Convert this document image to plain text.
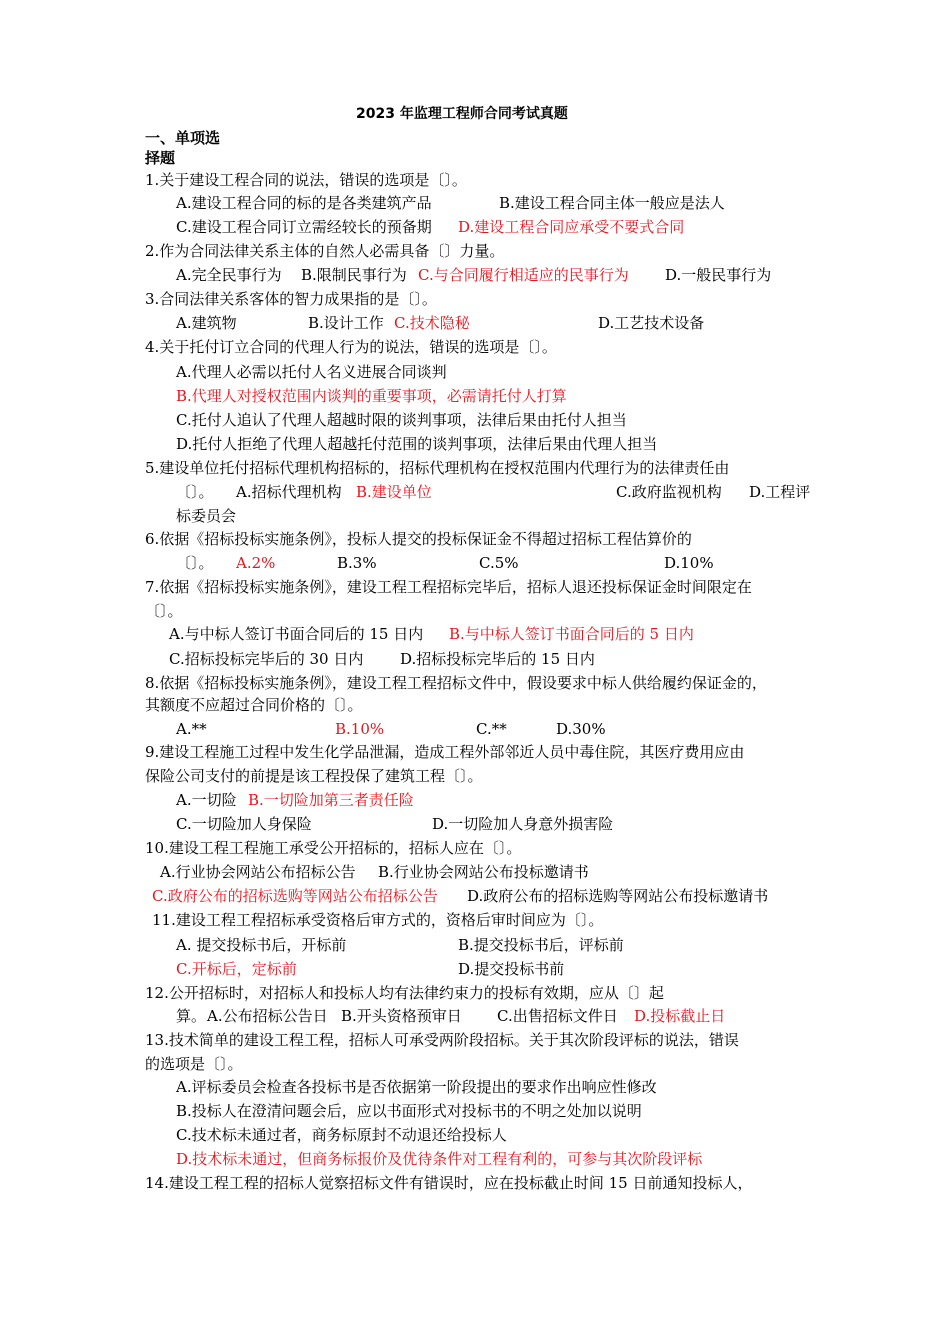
2023 年监理工程师合同考试真题
一、单项选
择题
1.关于建设工程合同的说法，错误的选项是〔〕。
A.建设工程合同的标的是各类建筑产品	B.建设工程合同主体一般应是法人
C.建设工程合同订立需经较长的预备期 D.建设工程合同应承受不要式合同
2.作为合同法律关系主体的自然人必需具备〔〕力量。
A.完全民事行为 B.限制民事行为 C.与合同履行相适应的民事行为 D.一般民事行为
3.合同法律关系客体的智力成果指的是〔〕。
A.建筑物	B.设计工作 C.技术隐秘	D.工艺技术设备
4.关于托付订立合同的代理人行为的说法，错误的选项是〔〕。
A.代理人必需以托付人名义进展合同谈判
B.代理人对授权范围内谈判的重要事项，必需请托付人打算
C.托付人追认了代理人超越时限的谈判事项，法律后果由托付人担当
D.托付人拒绝了代理人超越托付范围的谈判事项，法律后果由代理人担当
5.建设单位托付招标代理机构招标的，招标代理机构在授权范围内代理行为的法律责任由
〔〕。 A.招标代理机构 B.建设单位	C.政府监视机构 D.工程评
标委员会
6.依据《招标投标实施条例》，投标人提交的投标保证金不得超过招标工程估算价的
〔〕。 A.2%	B.3%	C.5%	D.10%
7.依据《招标投标实施条例》，建设工程工程招标完毕后，招标人退还投标保证金时间限定在
〔〕。
A.与中标人签订书面合同后的 15 日内 B.与中标人签订书面合同后的 5 日内
C.招标投标完毕后的 30 日内 D.招标投标完毕后的 15 日内
8.依据《招标投标实施条例》，建设工程工程招标文件中，假设要求中标人供给履约保证金的，
其额度不应超过合同价格的〔〕。
A.**	B.10%	C.**	D.30%
9.建设工程施工过程中发生化学品泄漏，造成工程外部邻近人员中毒住院，其医疗费用应由
保险公司支付的前提是该工程投保了建筑工程〔〕。
A.一切险 B.一切险加第三者责任险
C.一切险加人身保险	D.一切险加人身意外损害险
10.建设工程工程施工承受公开招标的，招标人应在〔〕。
A.行业协会网站公布招标公告 B.行业协会网站公布投标邀请书
C.政府公布的招标选购等网站公布招标公告 D.政府公布的招标选购等网站公布投标邀请书
11.建设工程工程招标承受资格后审方式的，资格后审时间应为〔〕。
A. 提交投标书后，开标前	B.提交投标书后，评标前
C.开标后，定标前	D.提交投标书前
12.公开招标时，对招标人和投标人均有法律约束力的投标有效期，应从〔〕起
算。 A.公布招标公告日 B.开头资格预审日 C.出售招标文件日 D.投标截止日
13.技术简单的建设工程工程，招标人可承受两阶段招标。关于其次阶段评标的说法，错误
的选项是〔〕。
A.评标委员会检查各投标书是否依据第一阶段提出的要求作出响应性修改
B.投标人在澄清问题会后，应以书面形式对投标书的不明之处加以说明
C.技术标未通过者，商务标原封不动退还给投标人
D.技术标未通过，但商务标报价及优待条件对工程有利的，可参与其次阶段评标
14.建设工程工程的招标人觉察招标文件有错误时，应在投标截止时间 15 日前通知投标人，
